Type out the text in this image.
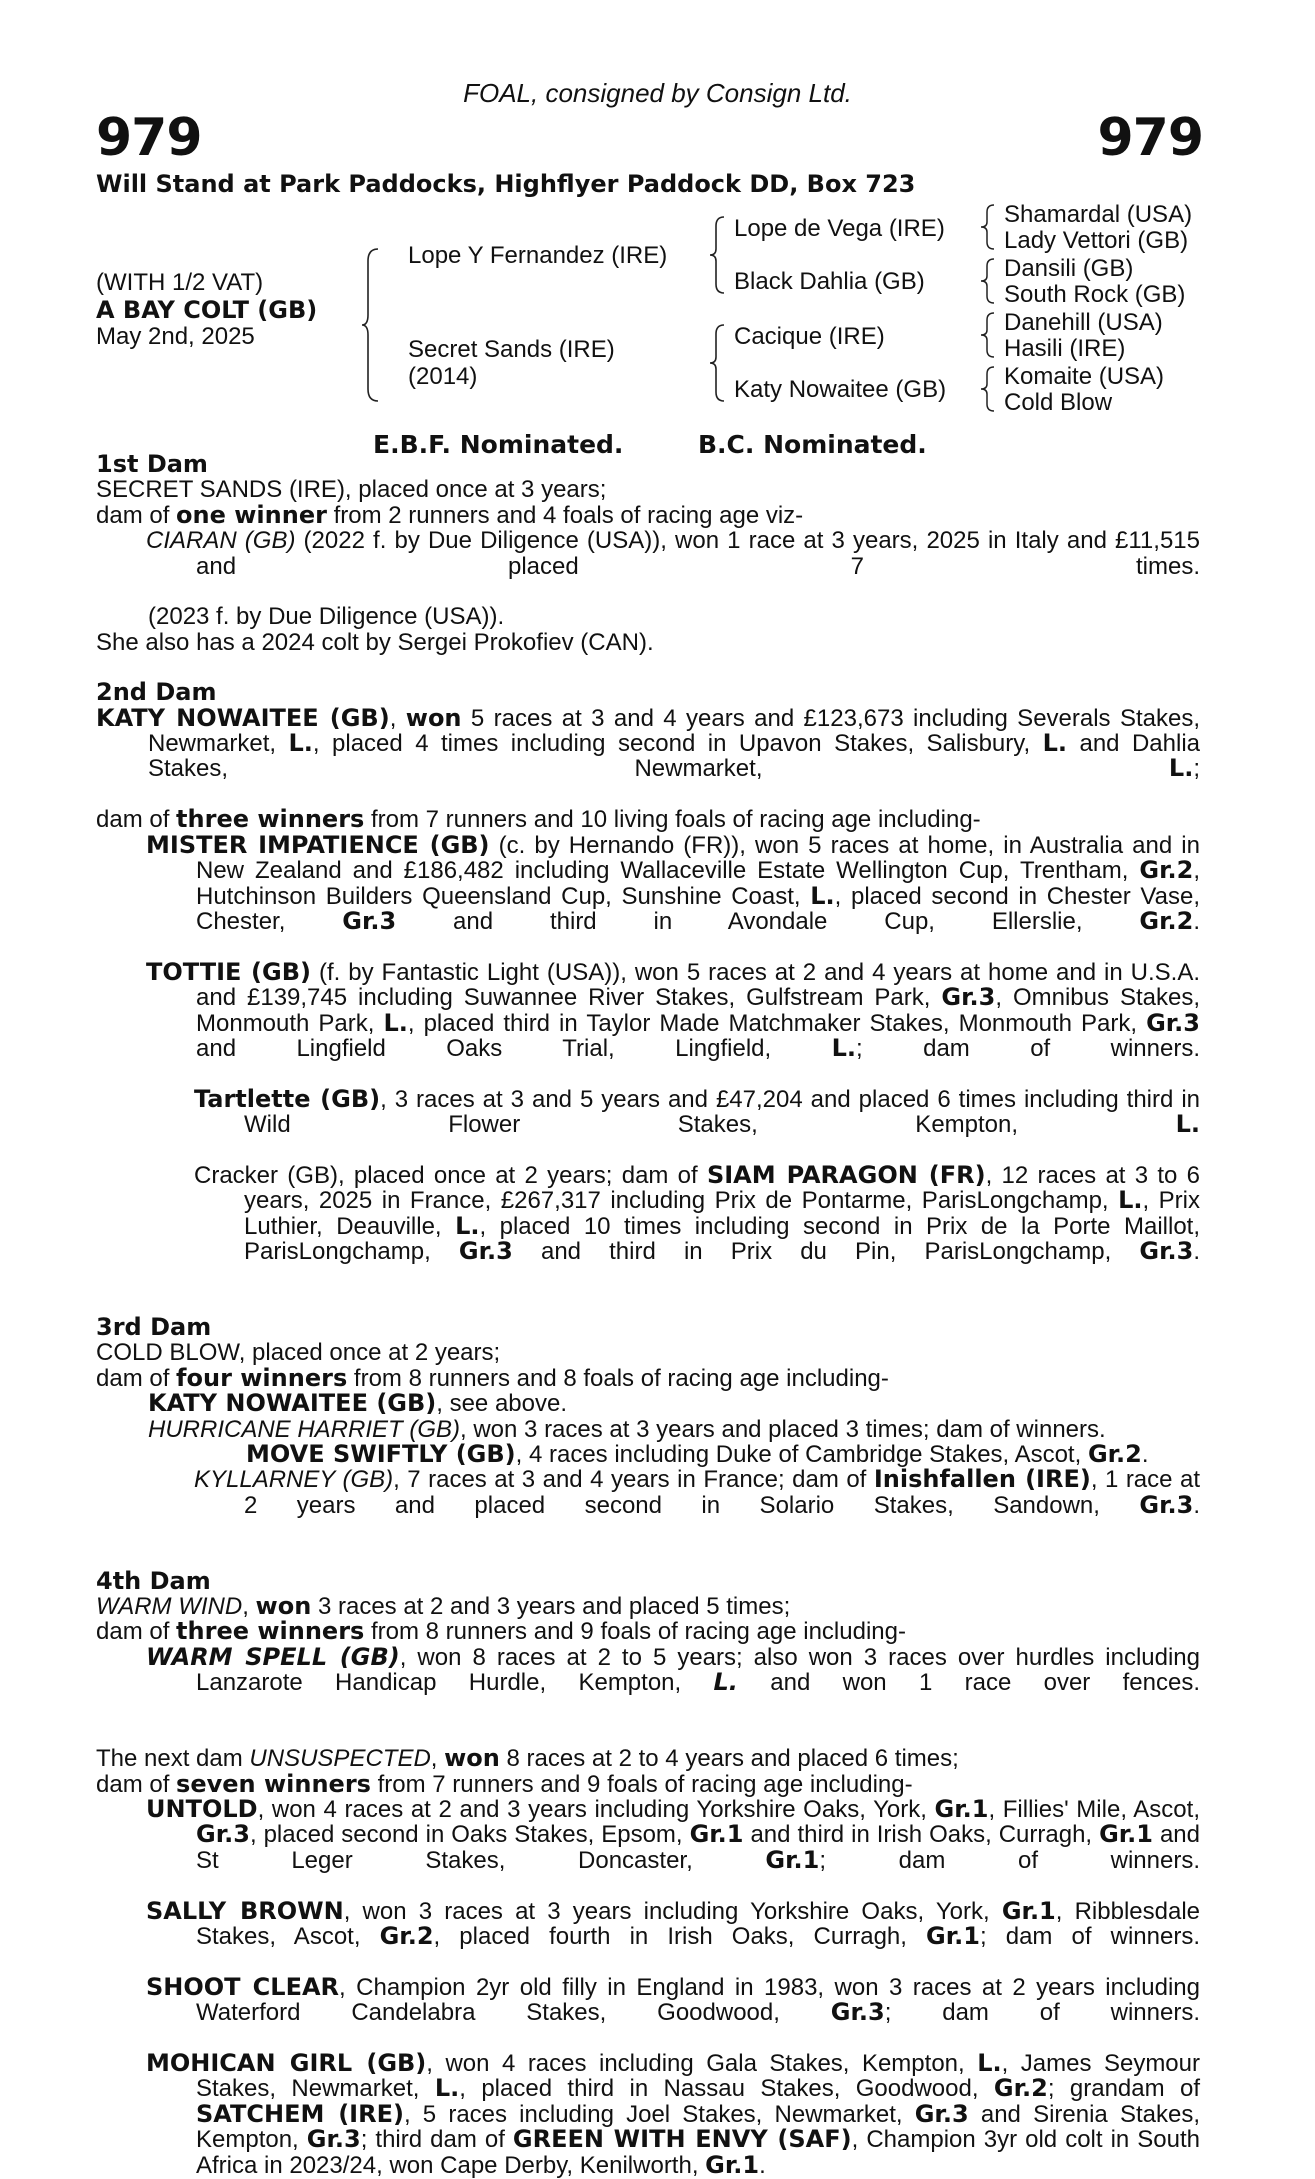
FOAL, consigned by Consign Ltd.
979	979
Will Stand at Park Paddocks, Highflyer Paddock DD, Box 723
(WITH 1/2 VAT)
A BAY COLT (GB)
May 2nd, 2025
Lope Y Fernandez (IRE)
Secret Sands (IRE)
(2014)
Lope de Vega (IRE)
Black Dahlia (GB)
Cacique (IRE)
Katy Nowaitee (GB)
Shamardal (USA)
Lady Vettori (GB)
Dansili (GB)
South Rock (GB)
Danehill (USA)
Hasili (IRE)
Komaite (USA)
Cold Blow
E.B.F. Nominated.	B.C. Nominated.
1st Dam
SECRET SANDS (IRE), placed once at 3 years;
dam of one winner from 2 runners and 4 foals of racing age viz-
CIARAN (GB) (2022 f. by Due Diligence (USA)), won 1 race at 3 years, 2025 in Italy and £11,515 and placed 7 times.
(2023 f. by Due Diligence (USA)).
She also has a 2024 colt by Sergei Prokofiev (CAN).
2nd Dam
KATY NOWAITEE (GB), won 5 races at 3 and 4 years and £123,673 including Severals Stakes, Newmarket, L., placed 4 times including second in Upavon Stakes, Salisbury, L. and Dahlia Stakes, Newmarket, L.;
dam of three winners from 7 runners and 10 living foals of racing age including-
MISTER IMPATIENCE (GB) (c. by Hernando (FR)), won 5 races at home, in Australia and in New Zealand and £186,482 including Wallaceville Estate Wellington Cup, Trentham, Gr.2, Hutchinson Builders Queensland Cup, Sunshine Coast, L., placed second in Chester Vase, Chester, Gr.3 and third in Avondale Cup, Ellerslie, Gr.2.
TOTTIE (GB) (f. by Fantastic Light (USA)), won 5 races at 2 and 4 years at home and in U.S.A. and £139,745 including Suwannee River Stakes, Gulfstream Park, Gr.3, Omnibus Stakes, Monmouth Park, L., placed third in Taylor Made Matchmaker Stakes, Monmouth Park, Gr.3 and Lingfield Oaks Trial, Lingfield, L.; dam of winners.
Tartlette (GB), 3 races at 3 and 5 years and £47,204 and placed 6 times including third in Wild Flower Stakes, Kempton, L.
Cracker (GB), placed once at 2 years; dam of SIAM PARAGON (FR), 12 races at 3 to 6 years, 2025 in France, £267,317 including Prix de Pontarme, ParisLongchamp, L., Prix Luthier, Deauville, L., placed 10 times including second in Prix de la Porte Maillot, ParisLongchamp, Gr.3 and third in Prix du Pin, ParisLongchamp, Gr.3.
3rd Dam
COLD BLOW, placed once at 2 years;
dam of four winners from 8 runners and 8 foals of racing age including-
KATY NOWAITEE (GB), see above.
HURRICANE HARRIET (GB), won 3 races at 3 years and placed 3 times; dam of winners.
MOVE SWIFTLY (GB), 4 races including Duke of Cambridge Stakes, Ascot, Gr.2.
KYLLARNEY (GB), 7 races at 3 and 4 years in France; dam of Inishfallen (IRE), 1 race at 2 years and placed second in Solario Stakes, Sandown, Gr.3.
4th Dam
WARM WIND, won 3 races at 2 and 3 years and placed 5 times;
dam of three winners from 8 runners and 9 foals of racing age including-
WARM SPELL (GB), won 8 races at 2 to 5 years; also won 3 races over hurdles including Lanzarote Handicap Hurdle, Kempton, L. and won 1 race over fences.
The next dam UNSUSPECTED, won 8 races at 2 to 4 years and placed 6 times;
dam of seven winners from 7 runners and 9 foals of racing age including-
UNTOLD, won 4 races at 2 and 3 years including Yorkshire Oaks, York, Gr.1, Fillies' Mile, Ascot, Gr.3, placed second in Oaks Stakes, Epsom, Gr.1 and third in Irish Oaks, Curragh, Gr.1 and St Leger Stakes, Doncaster, Gr.1; dam of winners.
SALLY BROWN, won 3 races at 3 years including Yorkshire Oaks, York, Gr.1, Ribblesdale Stakes, Ascot, Gr.2, placed fourth in Irish Oaks, Curragh, Gr.1; dam of winners.
SHOOT CLEAR, Champion 2yr old filly in England in 1983, won 3 races at 2 years including Waterford Candelabra Stakes, Goodwood, Gr.3; dam of winners.
MOHICAN GIRL (GB), won 4 races including Gala Stakes, Kempton, L., James Seymour Stakes, Newmarket, L., placed third in Nassau Stakes, Goodwood, Gr.2; grandam of SATCHEM (IRE), 5 races including Joel Stakes, Newmarket, Gr.3 and Sirenia Stakes, Kempton, Gr.3; third dam of GREEN WITH ENVY (SAF), Champion 3yr old colt in South Africa in 2023/24, won Cape Derby, Kenilworth, Gr.1.
